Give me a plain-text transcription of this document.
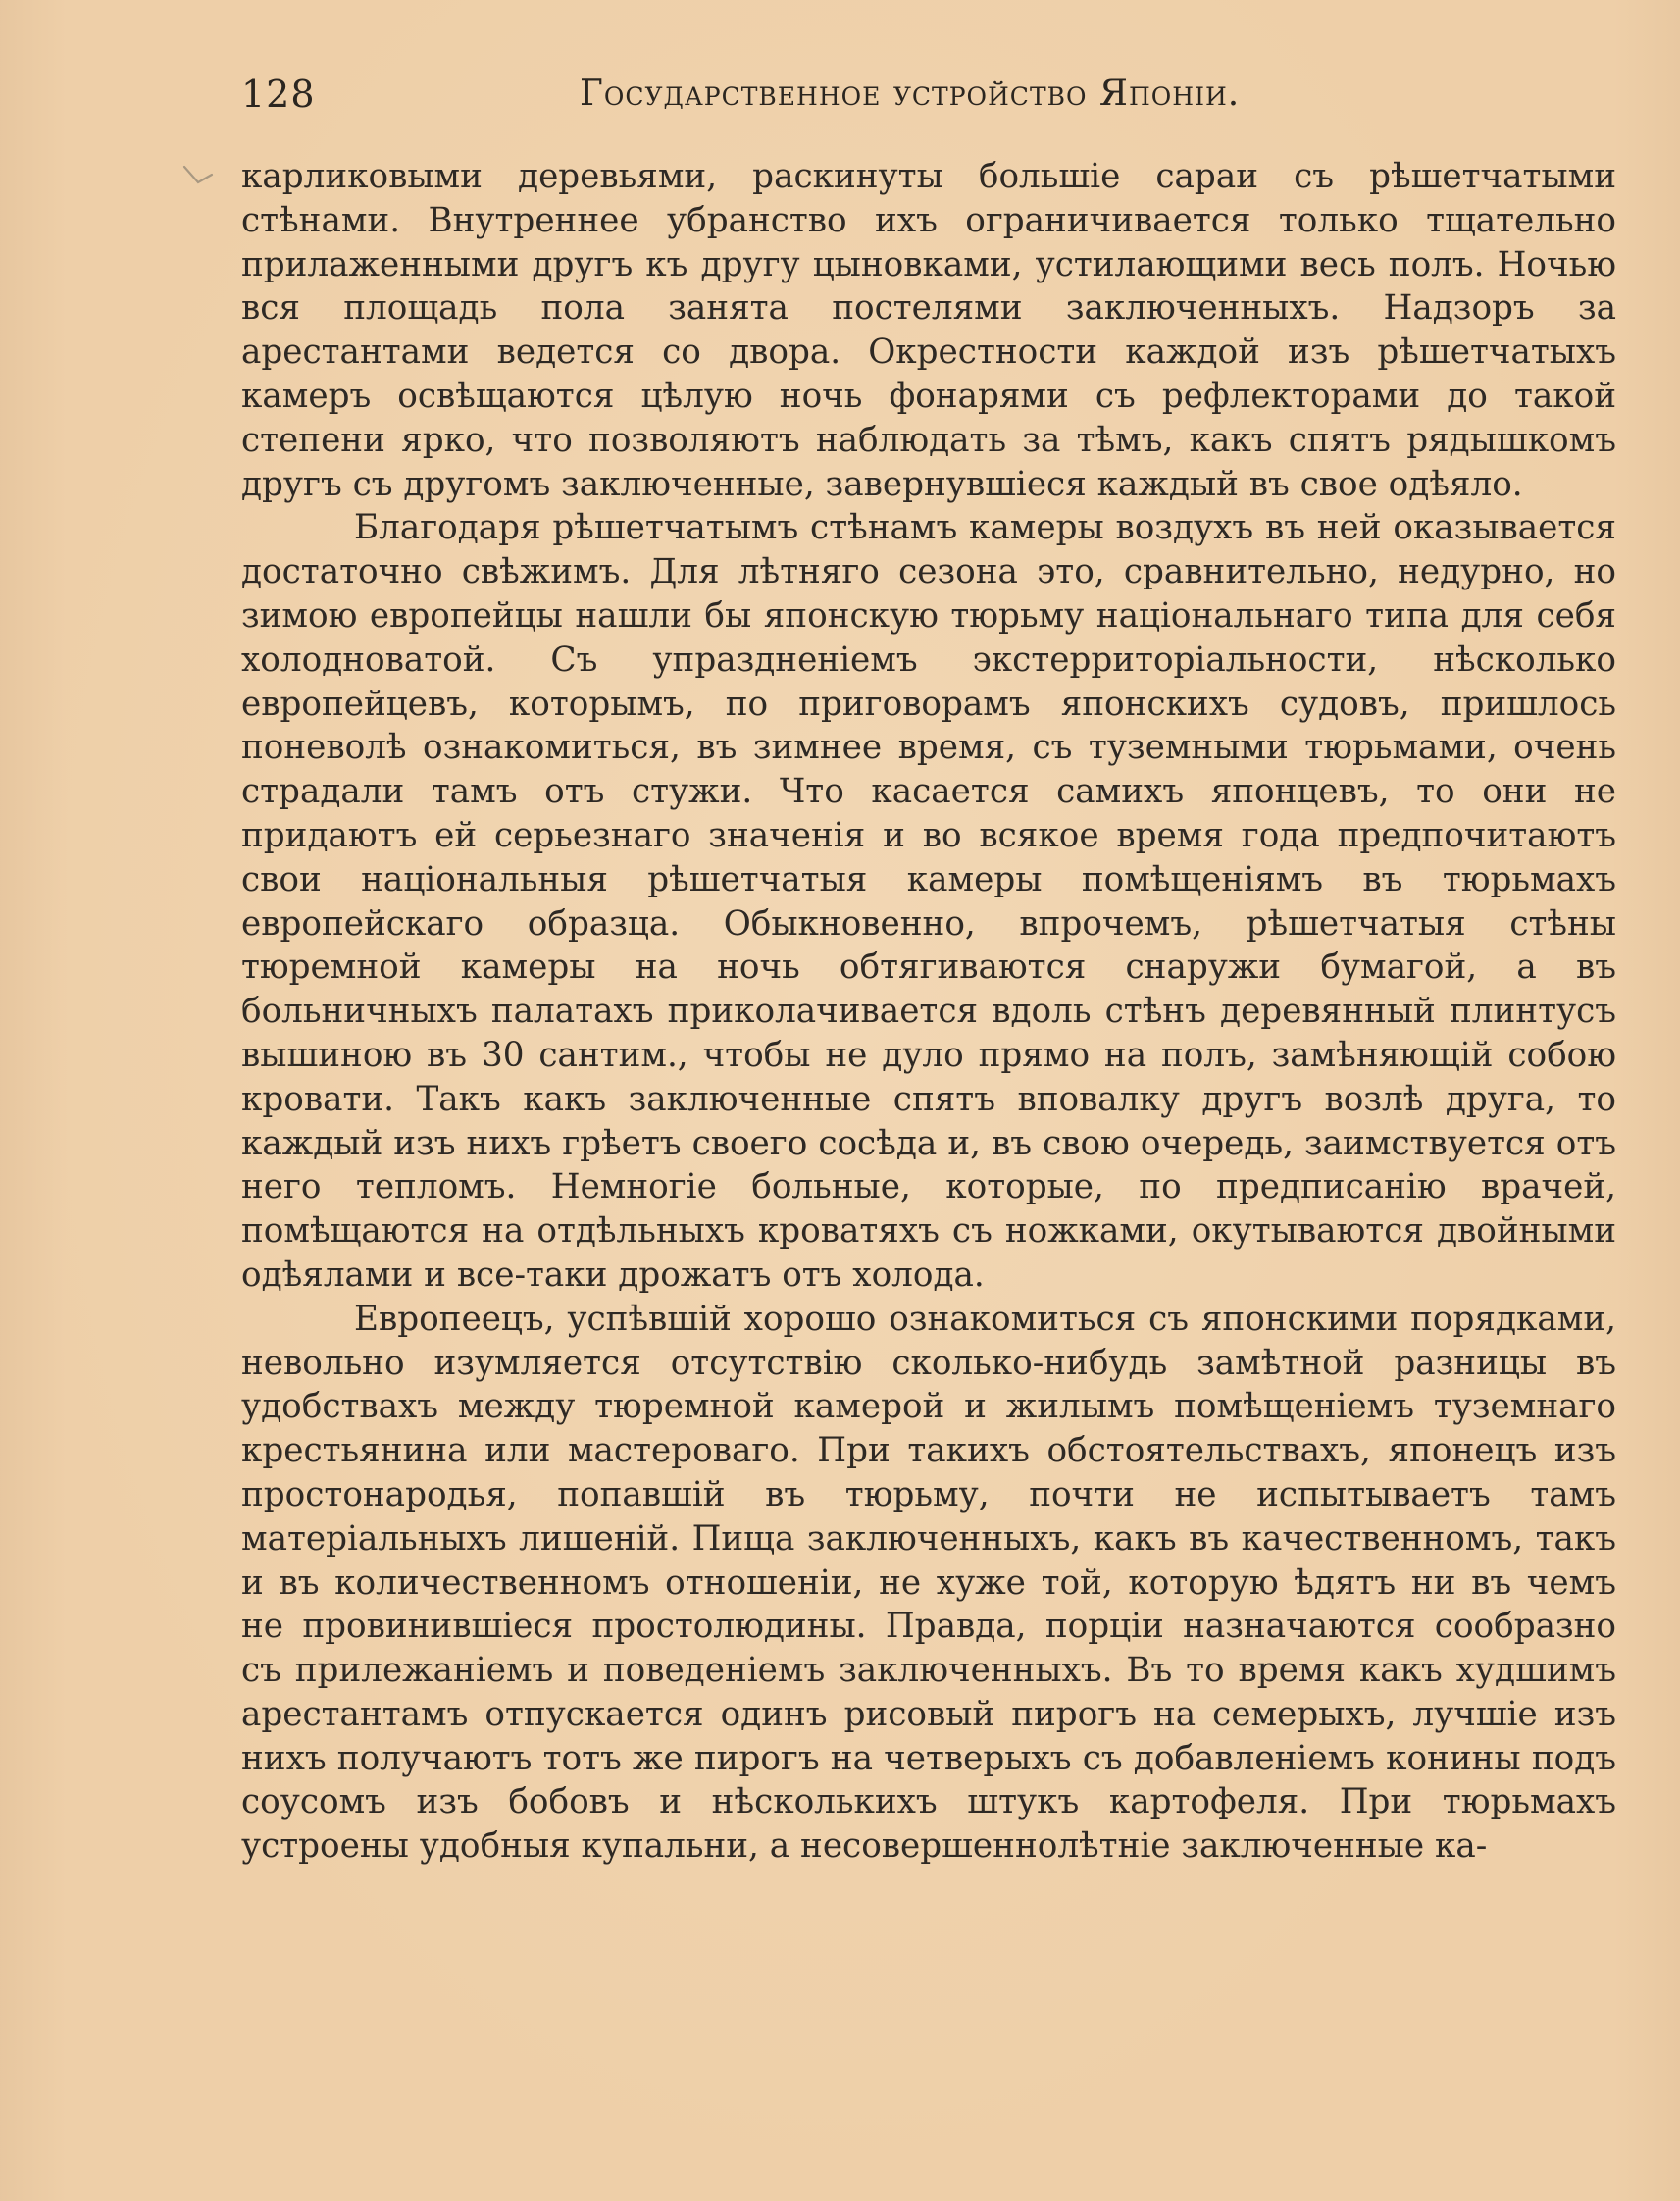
128	Государственное устройство Японіи.

карликовыми деревьями, раскинуты большіе сараи съ рѣшетчатыми стѣнами. Внутреннее убранство ихъ ограничивается только тщательно прилаженными другъ къ другу цыновками, устилающими весь полъ. Ночью вся площадь пола занята постелями заключенныхъ. Надзоръ за арестантами ведется со двора. Окрестности каждой изъ рѣшетчатыхъ камеръ освѣщаются цѣлую ночь фонарями съ рефлекторами до такой степени ярко, что позволяютъ наблюдать за тѣмъ, какъ спятъ рядышкомъ другъ съ другомъ заключенные, завернувшіеся каждый въ свое одѣяло.

Благодаря рѣшетчатымъ стѣнамъ камеры воздухъ въ ней оказывается достаточно свѣжимъ. Для лѣтняго сезона это, сравнительно, недурно, но зимою европейцы нашли бы японскую тюрьму національнаго типа для себя холодноватой. Съ упраздненіемъ экстерриторіальности, нѣсколько европейцевъ, которымъ, по приговорамъ японскихъ судовъ, пришлось поневолѣ ознакомиться, въ зимнее время, съ туземными тюрьмами, очень страдали тамъ отъ стужи. Что касается самихъ японцевъ, то они не придаютъ ей серьезнаго значенія и во всякое время года предпочитаютъ свои національныя рѣшетчатыя камеры помѣщеніямъ въ тюрьмахъ европейскаго образца. Обыкновенно, впрочемъ, рѣшетчатыя стѣны тюремной камеры на ночь обтягиваются снаружи бумагой, а въ больничныхъ палатахъ приколачивается вдоль стѣнъ деревянный плинтусъ вышиною въ 30 сантим., чтобы не дуло прямо на полъ, замѣняющій собою кровати. Такъ какъ заключенные спятъ вповалку другъ возлѣ друга, то каждый изъ нихъ грѣетъ своего сосѣда и, въ свою очередь, заимствуется отъ него тепломъ. Немногіе больные, которые, по предписанію врачей, помѣщаются на отдѣльныхъ кроватяхъ съ ножками, окутываются двойными одѣялами и все-таки дрожатъ отъ холода.

Европеецъ, успѣвшій хорошо ознакомиться съ японскими порядками, невольно изумляется отсутствію сколько-нибудь замѣтной разницы въ удобствахъ между тюремной камерой и жилымъ помѣщеніемъ туземнаго крестьянина или мастероваго. При такихъ обстоятельствахъ, японецъ изъ простонародья, попавшій въ тюрьму, почти не испытываетъ тамъ матеріальныхъ лишеній. Пища заключенныхъ, какъ въ качественномъ, такъ и въ количественномъ отношеніи, не хуже той, которую ѣдятъ ни въ чемъ не провинившіеся простолюдины. Правда, порціи назначаются сообразно съ прилежаніемъ и поведеніемъ заключенныхъ. Въ то время какъ худшимъ арестантамъ отпускается одинъ рисовый пирогъ на семерыхъ, лучшіе изъ нихъ получаютъ тотъ же пирогъ на четверыхъ съ добавленіемъ конины подъ соусомъ изъ бобовъ и нѣсколькихъ штукъ картофеля. При тюрьмахъ устроены удобныя купальни, а несовершеннолѣтніе заключенные ка-
